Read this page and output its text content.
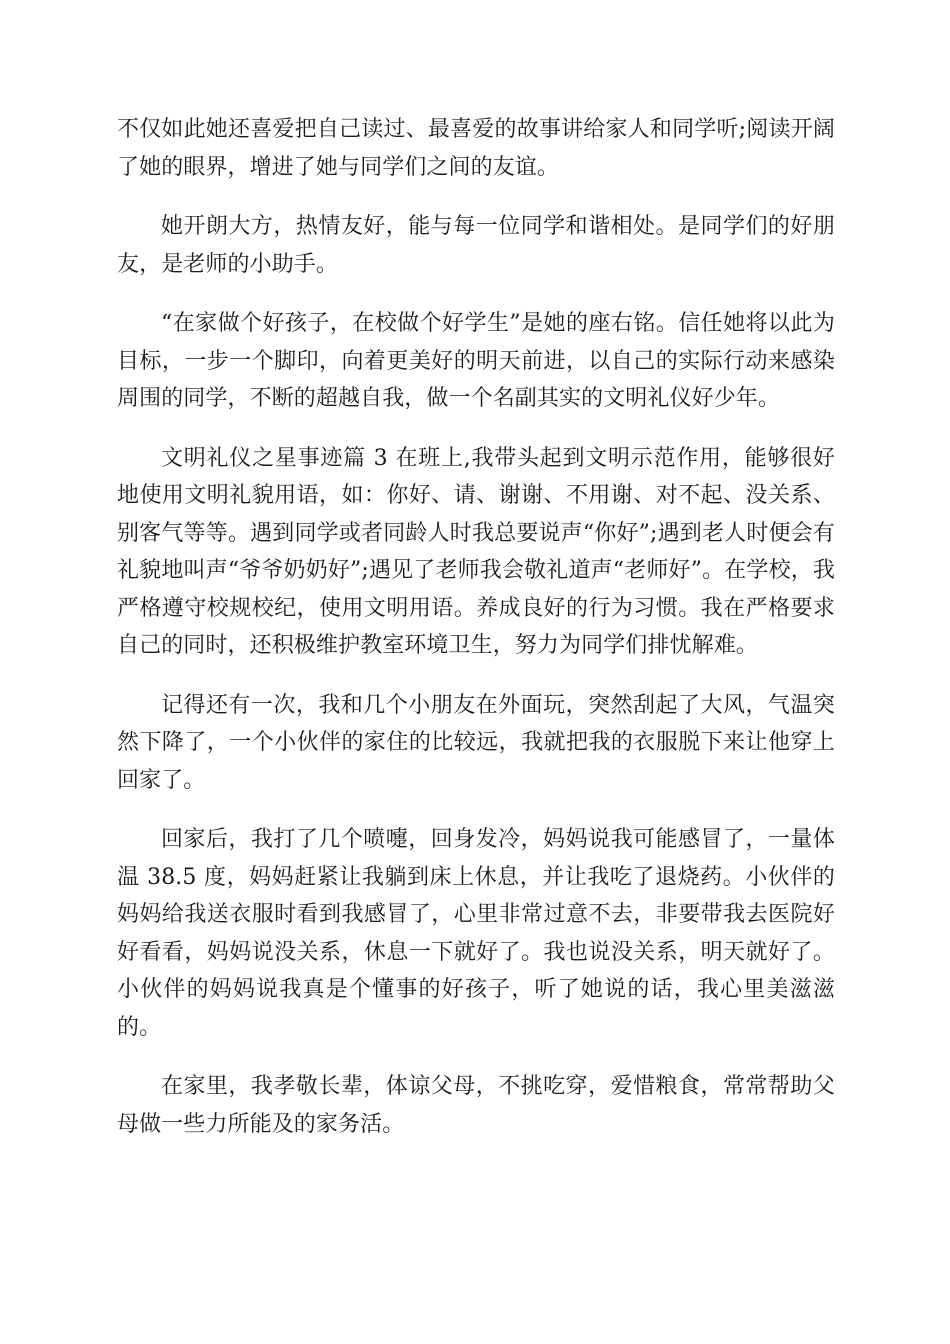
不仅如此她还喜爱把自己读过、最喜爱的故事讲给家人和同学听;阅读开阔了她的眼界，增进了她与同学们之间的友谊。

她开朗大方，热情友好，能与每一位同学和谐相处。是同学们的好朋友，是老师的小助手。

“在家做个好孩子，在校做个好学生”是她的座右铭。信任她将以此为目标，一步一个脚印，向着更美好的明天前进，以自己的实际行动来感染周围的同学，不断的超越自我，做一个名副其实的文明礼仪好少年。

文明礼仪之星事迹篇 3 在班上,我带头起到文明示范作用，能够很好地使用文明礼貌用语，如：你好、请、谢谢、不用谢、对不起、没关系、别客气等等。遇到同学或者同龄人时我总要说声“你好”;遇到老人时便会有礼貌地叫声“爷爷奶奶好”;遇见了老师我会敬礼道声“老师好”。在学校，我严格遵守校规校纪，使用文明用语。养成良好的行为习惯。我在严格要求自己的同时，还积极维护教室环境卫生，努力为同学们排忧解难。

记得还有一次，我和几个小朋友在外面玩，突然刮起了大风，气温突然下降了，一个小伙伴的家住的比较远，我就把我的衣服脱下来让他穿上回家了。

回家后，我打了几个喷嚏，回身发冷，妈妈说我可能感冒了，一量体温 38.5 度，妈妈赶紧让我躺到床上休息，并让我吃了退烧药。小伙伴的妈妈给我送衣服时看到我感冒了，心里非常过意不去，非要带我去医院好好看看，妈妈说没关系，休息一下就好了。我也说没关系，明天就好了。小伙伴的妈妈说我真是个懂事的好孩子，听了她说的话，我心里美滋滋的。

在家里，我孝敬长辈，体谅父母，不挑吃穿，爱惜粮食，常常帮助父母做一些力所能及的家务活。
